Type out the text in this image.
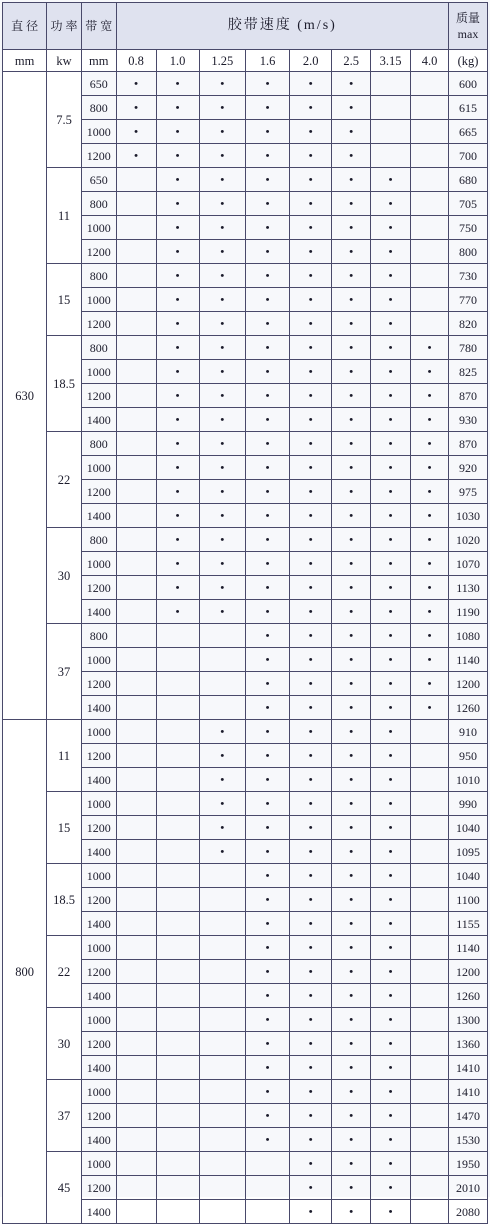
直 径	功 率	带 宽	胶带速度 (m/s)								质量 max
mm	kw	mm	0.8	1.0	1.25	1.6	2.0	2.5	3.15	4.0	(kg)
630	7.5	650	•	•	•	•	•	•			600
		800	•	•	•	•	•	•			615
		1000	•	•	•	•	•	•			665
		1200	•	•	•	•	•	•			700
	11	650		•	•	•	•	•	•		680
		800		•	•	•	•	•	•		705
		1000		•	•	•	•	•	•		750
		1200		•	•	•	•	•	•		800
	15	800		•	•	•	•	•	•		730
		1000		•	•	•	•	•	•		770
		1200		•	•	•	•	•	•		820
	18.5	800		•	•	•	•	•	•	•	780
		1000		•	•	•	•	•	•	•	825
		1200		•	•	•	•	•	•	•	870
		1400		•	•	•	•	•	•	•	930
	22	800		•	•	•	•	•	•	•	870
		1000		•	•	•	•	•	•	•	920
		1200		•	•	•	•	•	•	•	975
		1400		•	•	•	•	•	•	•	1030
	30	800		•	•	•	•	•	•	•	1020
		1000		•	•	•	•	•	•	•	1070
		1200		•	•	•	•	•	•	•	1130
		1400		•	•	•	•	•	•	•	1190
	37	800				•	•	•	•	•	1080
		1000				•	•	•	•	•	1140
		1200				•	•	•	•	•	1200
		1400				•	•	•	•	•	1260
800	11	1000			•	•	•	•	•		910
		1200			•	•	•	•	•		950
		1400			•	•	•	•	•		1010
	15	1000			•	•	•	•	•		990
		1200			•	•	•	•	•		1040
		1400			•	•	•	•	•		1095
	18.5	1000				•	•	•	•		1040
		1200				•	•	•	•		1100
		1400				•	•	•	•		1155
	22	1000				•	•	•	•		1140
		1200				•	•	•	•		1200
		1400				•	•	•	•		1260
	30	1000				•	•	•	•		1300
		1200				•	•	•	•		1360
		1400				•	•	•	•		1410
	37	1000				•	•	•	•		1410
		1200				•	•	•	•		1470
		1400				•	•	•	•		1530
	45	1000					•	•	•		1950
		1200					•	•	•		2010
		1400					•	•	•		2080
